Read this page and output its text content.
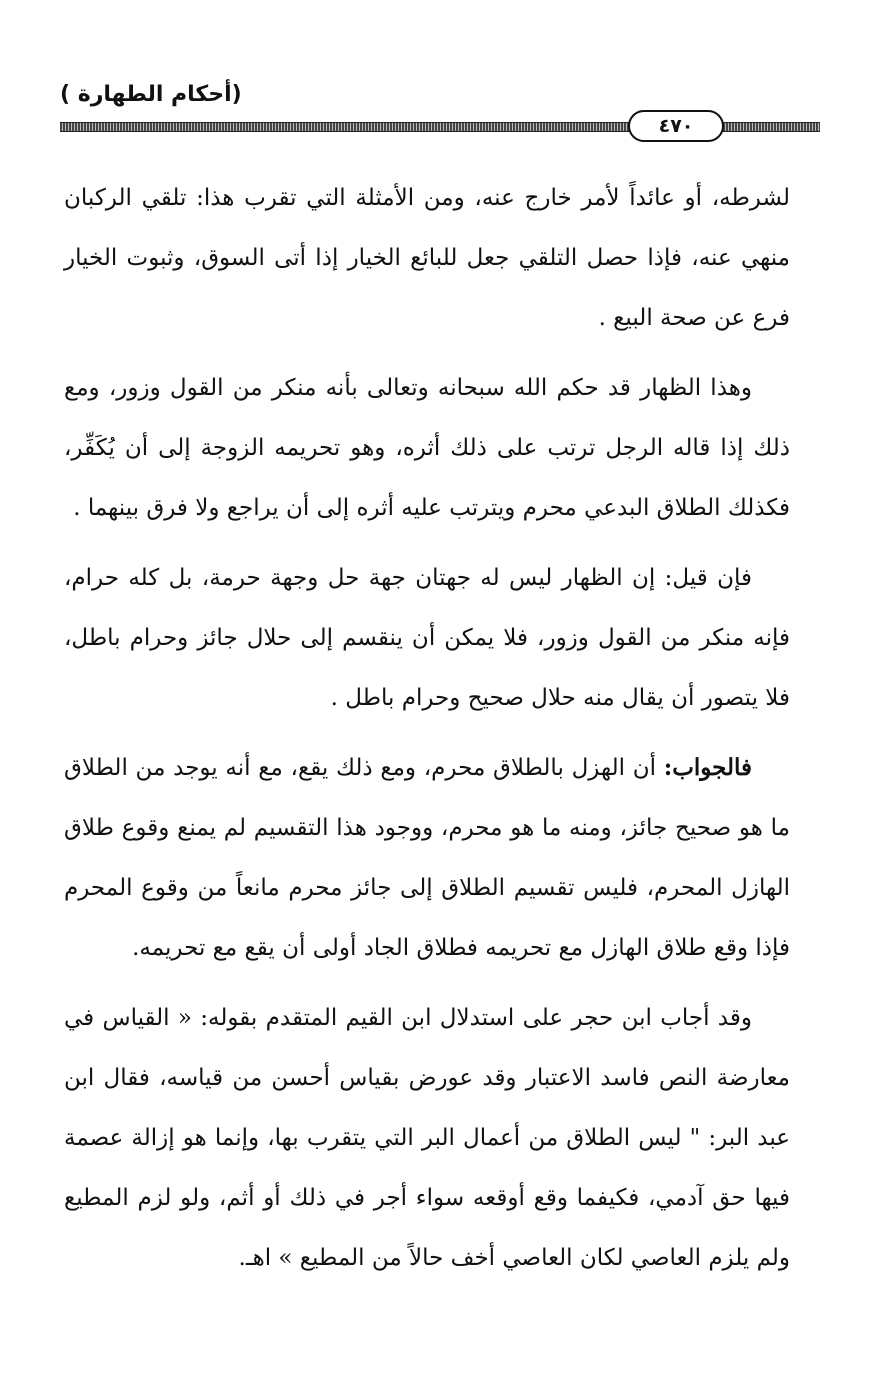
(أحكام الطهارة )
٤٧٠

لشرطه، أو عائداً لأمر خارج عنه، ومن الأمثلة التي تقرب هذا: تلقي الركبان منهي عنه، فإذا حصل التلقي جعل للبائع الخيار إذا أتى السوق، وثبوت الخيار فرع عن صحة البيع .

وهذا الظهار قد حكم الله سبحانه وتعالى بأنه منكر من القول وزور، ومع ذلك إذا قاله الرجل ترتب على ذلك أثره، وهو تحريمه الزوجة إلى أن يُكَفِّر، فكذلك الطلاق البدعي محرم ويترتب عليه أثره إلى أن يراجع ولا فرق بينهما .

فإن قيل: إن الظهار ليس له جهتان جهة حل وجهة حرمة، بل كله حرام، فإنه منكر من القول وزور، فلا يمكن أن ينقسم إلى حلال جائز وحرام باطل، فلا يتصور أن يقال منه حلال صحيح وحرام باطل .

فالجواب: أن الهزل بالطلاق محرم، ومع ذلك يقع، مع أنه يوجد من الطلاق ما هو صحيح جائز، ومنه ما هو محرم، ووجود هذا التقسيم لم يمنع وقوع طلاق الهازل المحرم، فليس تقسيم الطلاق إلى جائز محرم مانعاً من وقوع المحرم فإذا وقع طلاق الهازل مع تحريمه فطلاق الجاد أولى أن يقع مع تحريمه.

وقد أجاب ابن حجر على استدلال ابن القيم المتقدم بقوله: « القياس في معارضة النص فاسد الاعتبار وقد عورض بقياس أحسن من قياسه، فقال ابن عبد البر: " ليس الطلاق من أعمال البر التي يتقرب بها، وإنما هو إزالة عصمة فيها حق آدمي، فكيفما وقع أوقعه سواء أجر في ذلك أو أثم، ولو لزم المطيع ولم يلزم العاصي لكان العاصي أخف حالاً من المطيع » اهـ.
